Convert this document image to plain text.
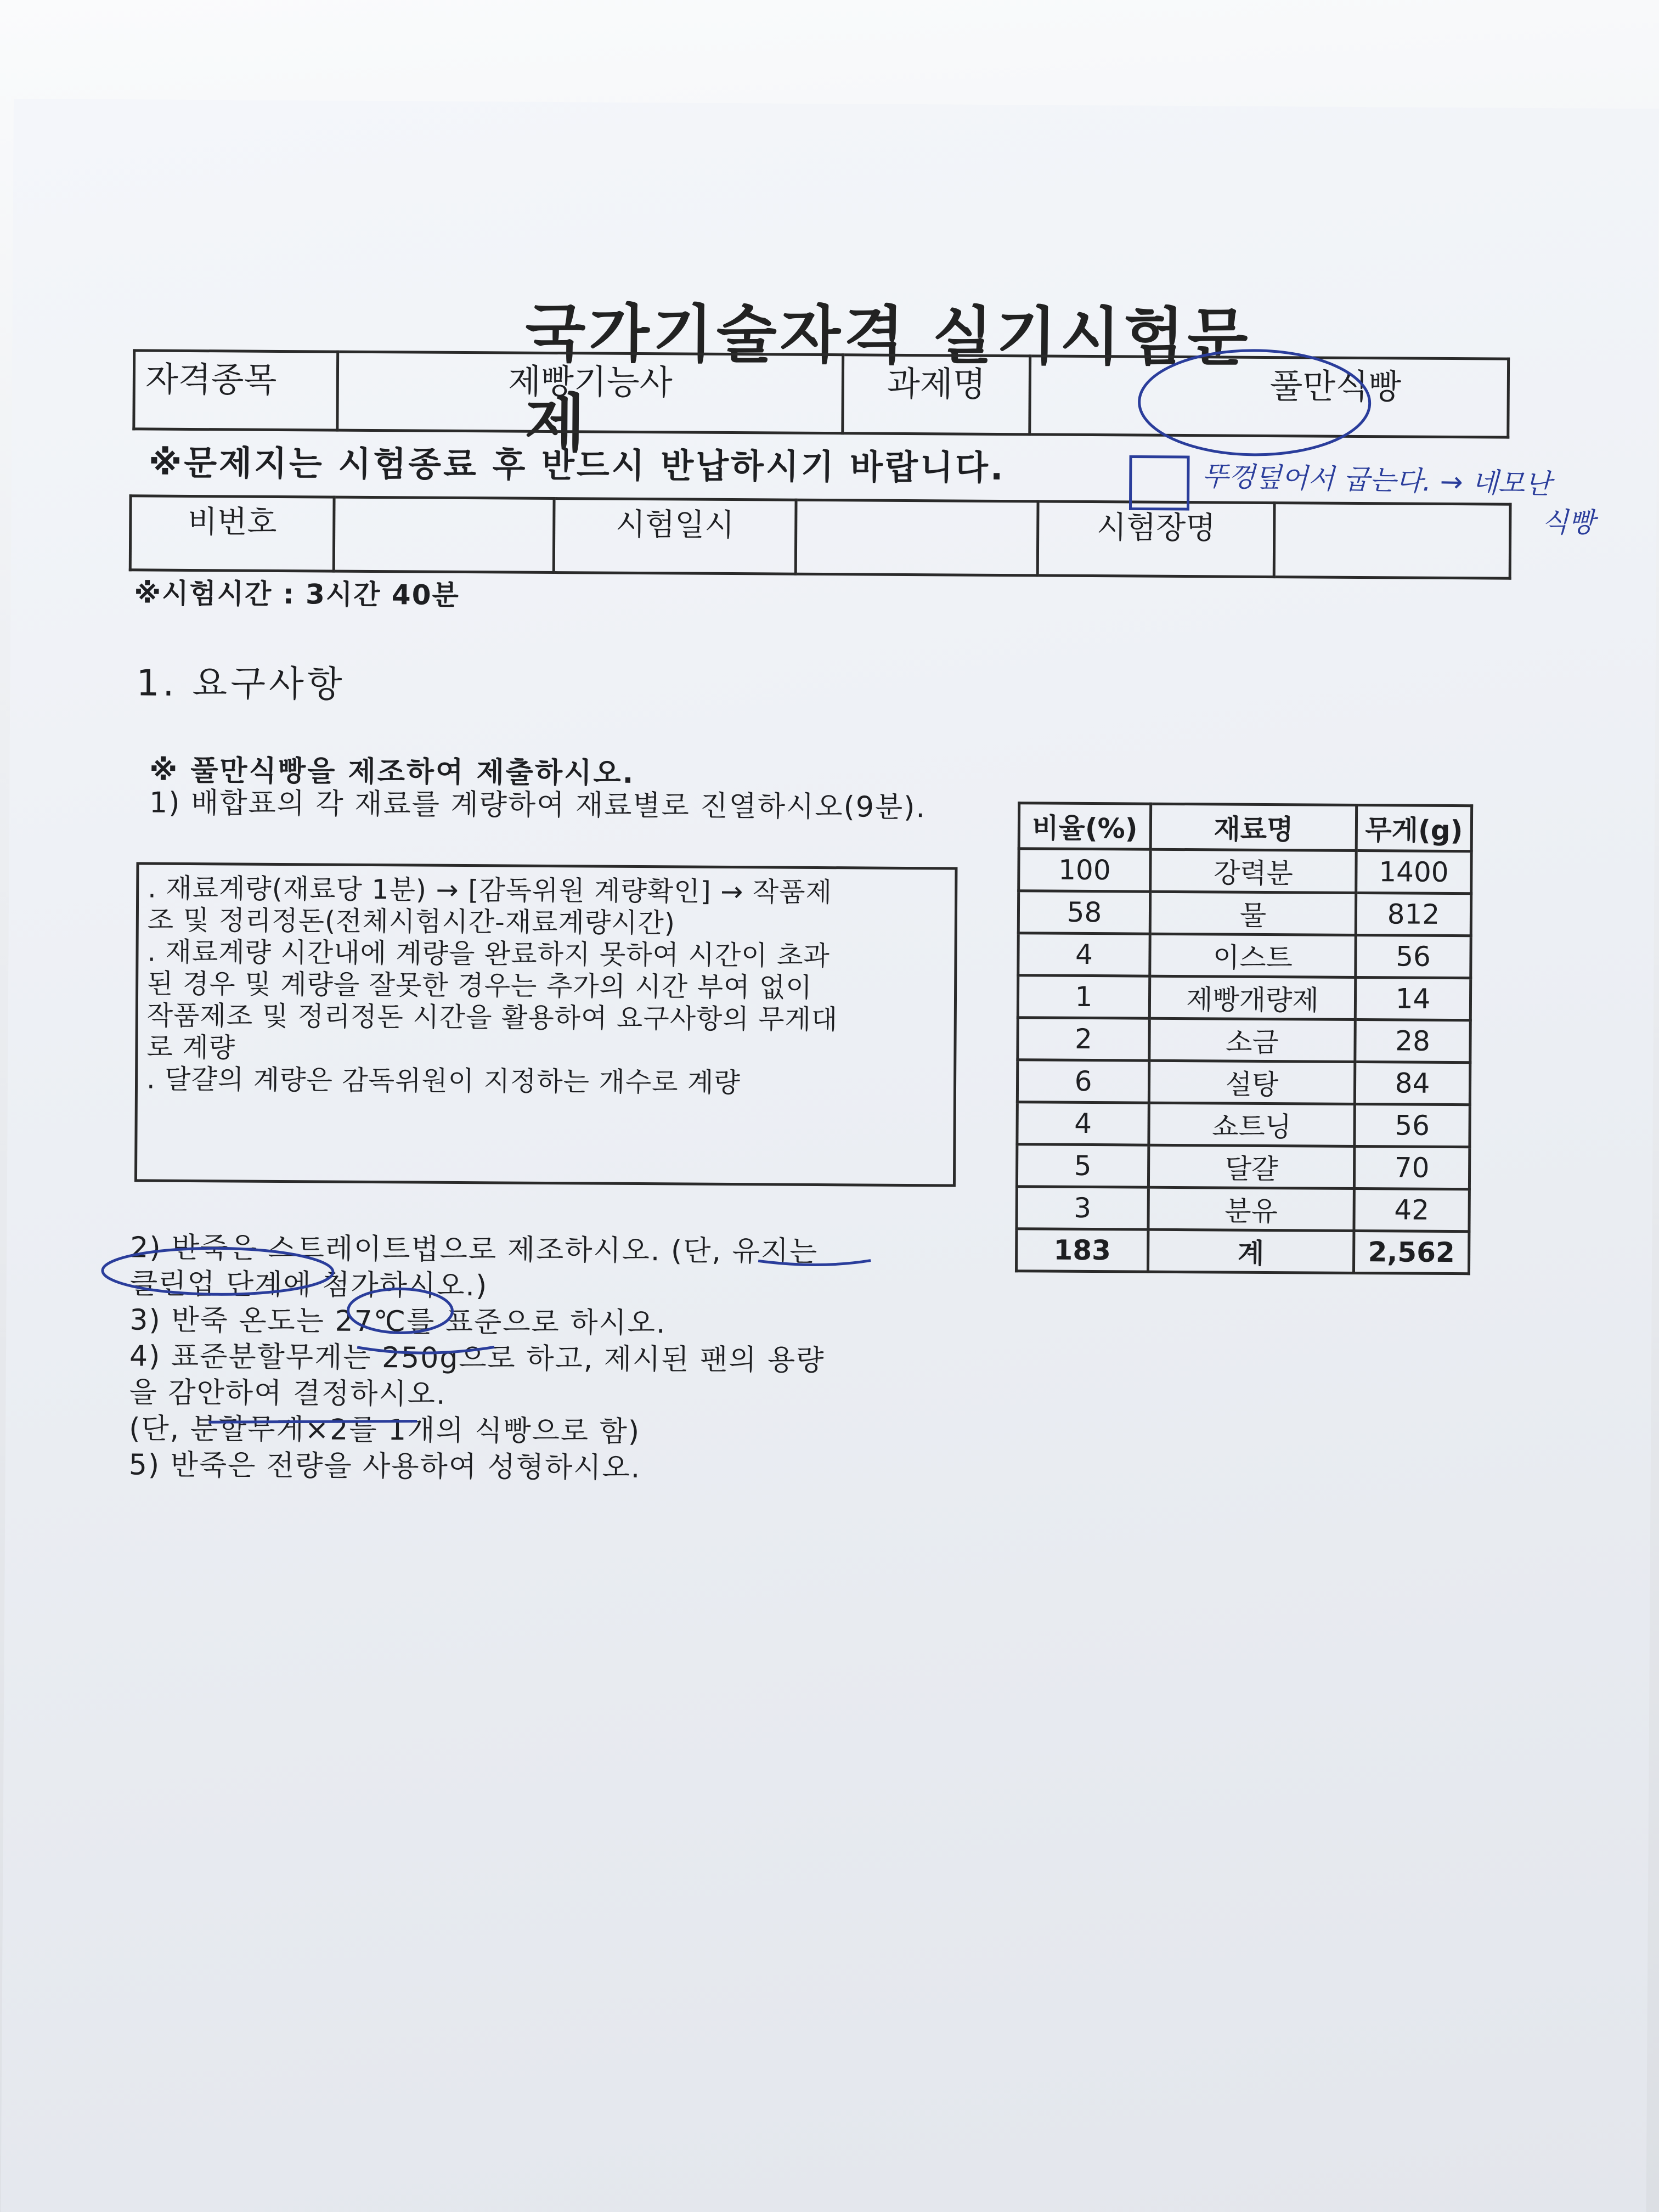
국가기술자격 실기시험문제
자격종목	제빵기능사	과제명	풀만식빵
※문제지는 시험종료 후 반드시 반납하시기 바랍니다.
비번호		시험일시		시험장명	
※시험시간 : 3시간 40분
1. 요구사항
※ 풀만식빵을 제조하여 제출하시오.
1) 배합표의 각 재료를 계량하여 재료별로 진열하시오(9분).
. 재료계량(재료당 1분) → [감독위원 계량확인] → 작품제
조 및 정리정돈(전체시험시간-재료계량시간)
. 재료계량 시간내에 계량을 완료하지 못하여 시간이 초과
된 경우 및 계량을 잘못한 경우는 추가의 시간 부여 없이
작품제조 및 정리정돈 시간을 활용하여 요구사항의 무게대
로 계량
. 달걀의 계량은 감독위원이 지정하는 개수로 계량
2) 반죽은 스트레이트법으로 제조하시오. (단, 유지는
클린업 단계에 첨가하시오.)
3) 반죽 온도는 27℃를 표준으로 하시오.
4) 표준분할무게는 250g으로 하고, 제시된 팬의 용량
을 감안하여 결정하시오.
(단, 분할무게×2를 1개의 식빵으로 함)
5) 반죽은 전량을 사용하여 성형하시오.
비율(%)	재료명	무게(g)
100	강력분	1400
58	물	812
4	이스트	56
1	제빵개량제	14
2	소금	28
6	설탕	84
4	쇼트닝	56
5	달걀	70
3	분유	42
183	계	2,562
뚜껑덮어서 굽는다. → 네모난
식빵
